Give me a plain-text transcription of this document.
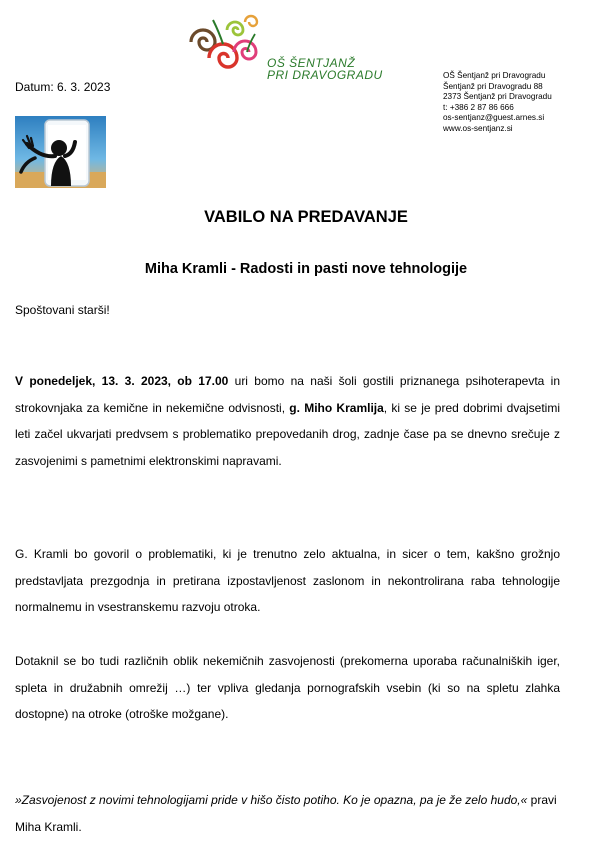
OŠ ŠENTJANŽ
PRI DRAVOGRADU
Datum: 6. 3. 2023
OŠ Šentjanž pri Dravogradu
Šentjanž pri Dravogradu 88
2373 Šentjanž pri Dravogradu
t: +386 2 87 86 666
os-sentjanz@guest.arnes.si
www.os-sentjanz.si
VABILO NA PREDAVANJE
Miha Kramli - Radosti in pasti nove tehnologije
Spoštovani starši!

V ponedeljek, 13. 3. 2023, ob 17.00 uri bomo na naši šoli gostili priznanega psihoterapevta in strokovnjaka za kemične in nekemične odvisnosti, g. Miho Kramlija, ki se je pred dobrimi dvajsetimi leti začel ukvarjati predvsem s problematiko prepovedanih drog, zadnje čase pa se dnevno srečuje z zasvojenimi s pametnimi elektronskimi napravami.

G. Kramli bo govoril o problematiki, ki je trenutno zelo aktualna, in sicer o tem, kakšno grožnjo predstavljata prezgodnja in pretirana izpostavljenost zaslonom in nekontrolirana raba tehnologije normalnemu in vsestranskemu razvoju otroka.

Dotaknil se bo tudi različnih oblik nekemičnih zasvojenosti (prekomerna uporaba računalniških iger, spleta in družabnih omrežij …) ter vpliva gledanja pornografskih vsebin (ki so na spletu zlahka dostopne) na otroke (otroške možgane).

»Zasvojenost z novimi tehnologijami pride v hišo čisto potiho. Ko je opazna, pa je že zelo hudo,« pravi Miha Kramli.
